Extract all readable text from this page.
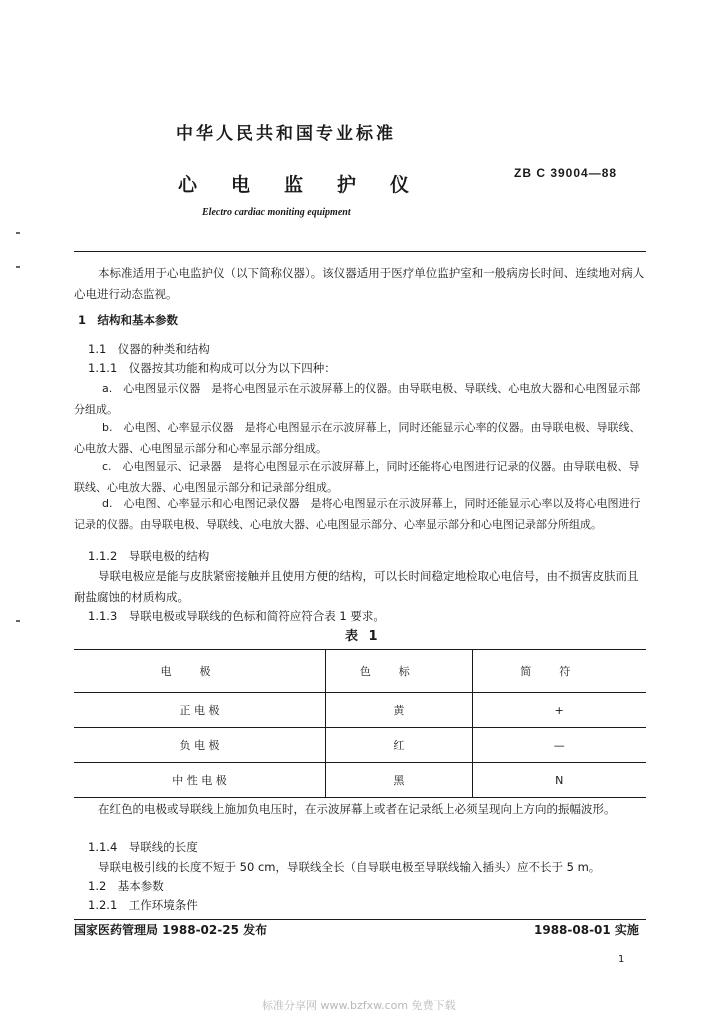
中华人民共和国专业标准
心电监护仪
ZB C 39004—88
Electro cardiac moniting equipment
本标准适用于心电监护仪（以下简称仪器）。该仪器适用于医疗单位监护室和一般病房长时间、连续地对病人心电进行动态监视。
1　结构和基本参数
1.1　仪器的种类和结构
1.1.1　仪器按其功能和构成可以分为以下四种：
a.　心电图显示仪器　是将心电图显示在示波屏幕上的仪器。由导联电极、导联线、心电放大器和心电图显示部分组成。
b.　心电图、心率显示仪器　是将心电图显示在示波屏幕上，同时还能显示心率的仪器。由导联电极、导联线、心电放大器、心电图显示部分和心率显示部分组成。
c.　心电图显示、记录器　是将心电图显示在示波屏幕上，同时还能将心电图进行记录的仪器。由导联电极、导联线、心电放大器、心电图显示部分和记录部分组成。
d.　心电图、心率显示和心电图记录仪器　是将心电图显示在示波屏幕上，同时还能显示心率以及将心电图进行记录的仪器。由导联电极、导联线、心电放大器、心电图显示部分、心率显示部分和心电图记录部分所组成。
1.1.2　导联电极的结构
导联电极应是能与皮肤紧密接触并且使用方便的结构，可以长时间稳定地检取心电信号，由不损害皮肤而且耐盐腐蚀的材质构成。
1.1.3　导联电极或导联线的色标和简符应符合表 1 要求。
表 1
电极	色标	简符
正 电 极	黄	+
负 电 极	红	—
中 性 电 极	黑	N
在红色的电极或导联线上施加负电压时，在示波屏幕上或者在记录纸上必须呈现向上方向的振幅波形。
1.1.4　导联线的长度
导联电极引线的长度不短于 50 cm，导联线全长（自导联电极至导联线输入插头）应不长于 5 m。
1.2　基本参数
1.2.1　工作环境条件
国家医药管理局 1988-02-25 发布	1988-08-01 实施
1
标准分享网 www.bzfxw.com 免费下载
